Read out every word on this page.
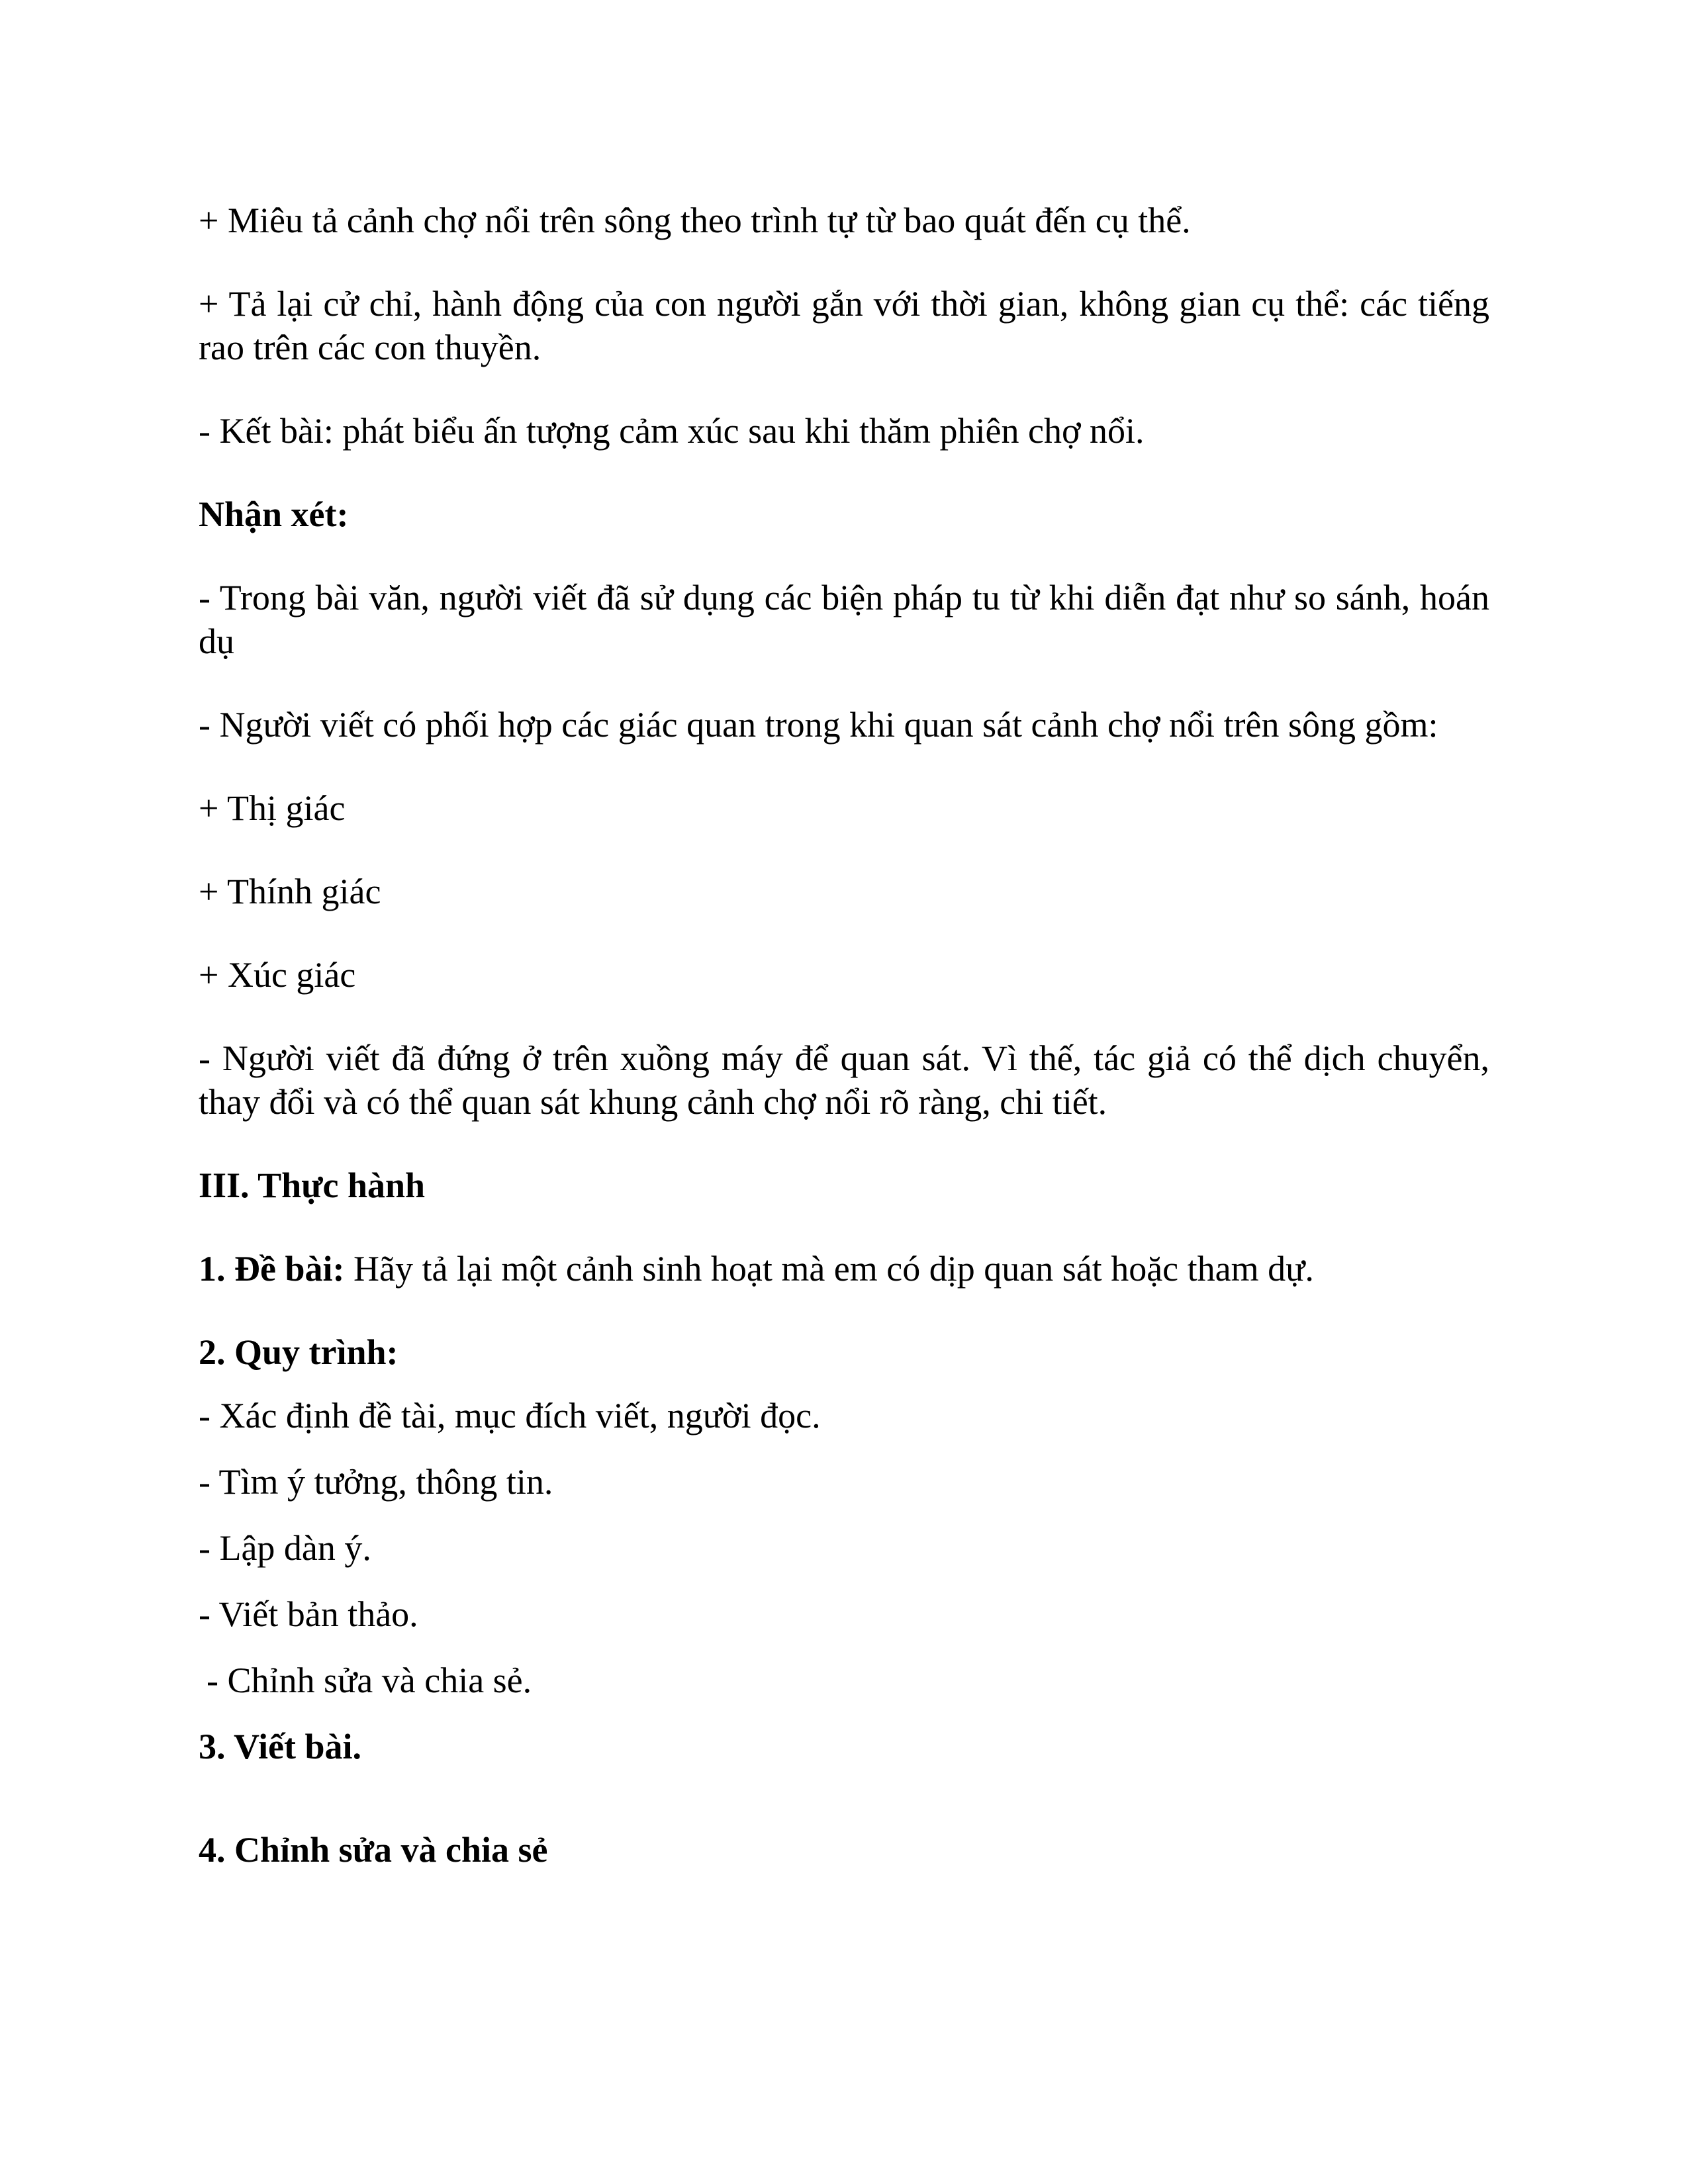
+ Miêu tả cảnh chợ nổi trên sông theo trình tự từ bao quát đến cụ thể.

+ Tả lại cử chỉ, hành động của con người gắn với thời gian, không gian cụ thể: các tiếng rao trên các con thuyền.

- Kết bài: phát biểu ấn tượng cảm xúc sau khi thăm phiên chợ nổi.

Nhận xét:

- Trong bài văn, người viết đã sử dụng các biện pháp tu từ khi diễn đạt như so sánh, hoán dụ

- Người viết có phối hợp các giác quan trong khi quan sát cảnh chợ nổi trên sông gồm:

+ Thị giác

+ Thính giác

+ Xúc giác

- Người viết đã đứng ở trên xuồng máy để quan sát. Vì thế, tác giả có thể dịch chuyển, thay đổi và có thể quan sát khung cảnh chợ nổi rõ ràng, chi tiết.

III. Thực hành

1. Đề bài: Hãy tả lại một cảnh sinh hoạt mà em có dịp quan sát hoặc tham dự.

2. Quy trình:

- Xác định đề tài, mục đích viết, người đọc.

- Tìm ý tưởng, thông tin.

- Lập dàn ý.

- Viết bản thảo.

- Chỉnh sửa và chia sẻ.

3. Viết bài.

4. Chỉnh sửa và chia sẻ
